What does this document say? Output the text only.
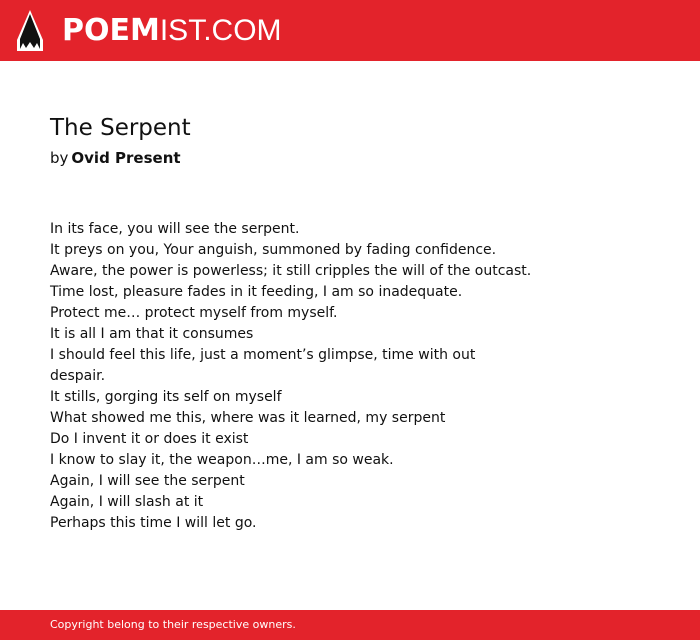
POEMIST.COM
The Serpent
by Ovid Present
In its face, you will see the serpent.
It preys on you, Your anguish, summoned by fading confidence.
Aware, the power is powerless; it still cripples the will of the outcast.
Time lost, pleasure fades in it feeding, I am so inadequate.
Protect me… protect myself from myself.
It is all I am that it consumes
I should feel this life, just a moment’s glimpse, time with out
despair.
It stills, gorging its self on myself
What showed me this, where was it learned, my serpent
Do I invent it or does it exist
I know to slay it, the weapon…me, I am so weak.
Again, I will see the serpent
Again, I will slash at it
Perhaps this time I will let go.
Copyright belong to their respective owners.
